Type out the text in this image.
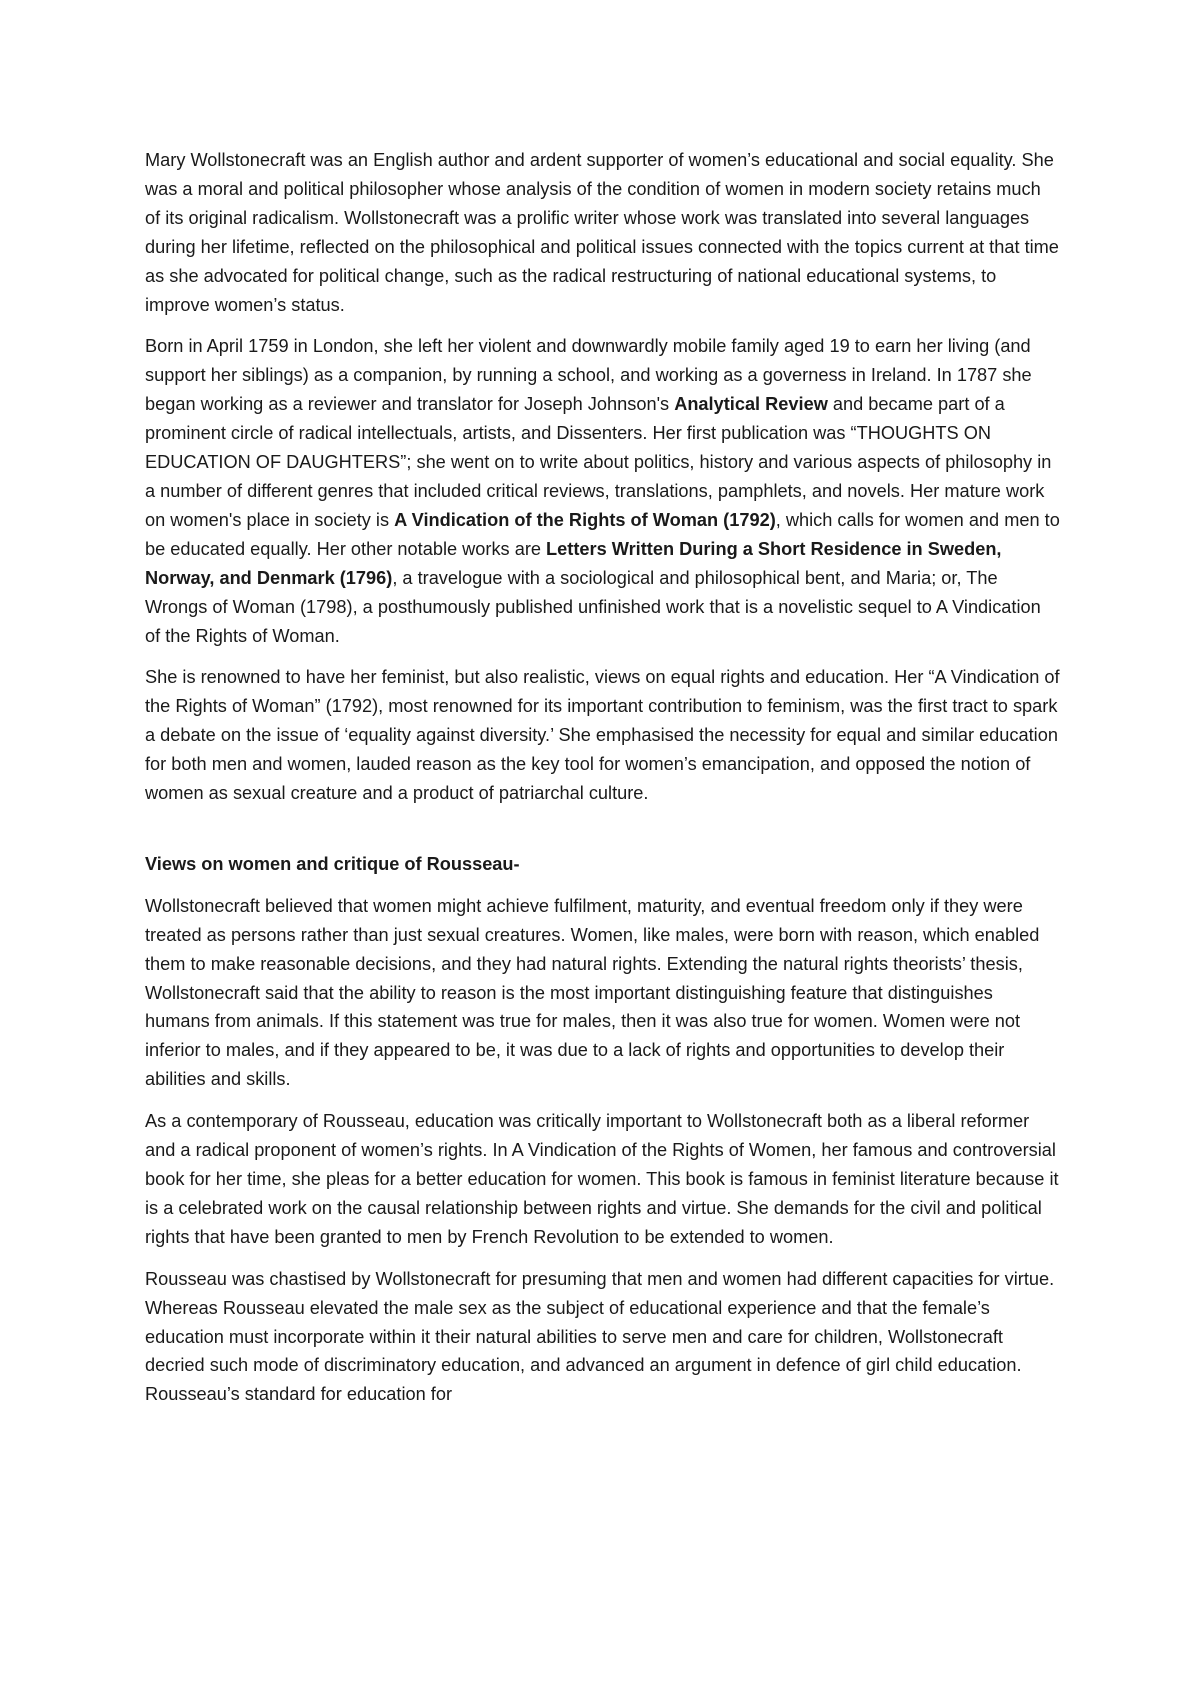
Mary Wollstonecraft was an English author and ardent supporter of women’s educational and social equality. She was a moral and political philosopher whose analysis of the condition of women in modern society retains much of its original radicalism. Wollstonecraft was a prolific writer whose work was translated into several languages during her lifetime, reflected on the philosophical and political issues connected with the topics current at that time as she advocated for political change, such as the radical restructuring of national educational systems, to improve women’s status.

Born in April 1759 in London, she left her violent and downwardly mobile family aged 19 to earn her living (and support her siblings) as a companion, by running a school, and working as a governess in Ireland. In 1787 she began working as a reviewer and translator for Joseph Johnson's Analytical Review and became part of a prominent circle of radical intellectuals, artists, and Dissenters. Her first publication was “THOUGHTS ON EDUCATION OF DAUGHTERS”; she went on to write about politics, history and various aspects of philosophy in a number of different genres that included critical reviews, translations, pamphlets, and novels. Her mature work on women's place in society is A Vindication of the Rights of Woman (1792), which calls for women and men to be educated equally. Her other notable works are Letters Written During a Short Residence in Sweden, Norway, and Denmark (1796), a travelogue with a sociological and philosophical bent, and Maria; or, The Wrongs of Woman (1798), a posthumously published unfinished work that is a novelistic sequel to A Vindication of the Rights of Woman.

She is renowned to have her feminist, but also realistic, views on equal rights and education. Her “A Vindication of the Rights of Woman” (1792), most renowned for its important contribution to feminism, was the first tract to spark a debate on the issue of ‘equality against diversity.’ She emphasised the necessity for equal and similar education for both men and women, lauded reason as the key tool for women’s emancipation, and opposed the notion of women as sexual creature and a product of patriarchal culture.

Views on women and critique of Rousseau-

Wollstonecraft believed that women might achieve fulfilment, maturity, and eventual freedom only if they were treated as persons rather than just sexual creatures. Women, like males, were born with reason, which enabled them to make reasonable decisions, and they had natural rights. Extending the natural rights theorists’ thesis, Wollstonecraft said that the ability to reason is the most important distinguishing feature that distinguishes humans from animals. If this statement was true for males, then it was also true for women. Women were not inferior to males, and if they appeared to be, it was due to a lack of rights and opportunities to develop their abilities and skills.

As a contemporary of Rousseau, education was critically important to Wollstonecraft both as a liberal reformer and a radical proponent of women’s rights. In A Vindication of the Rights of Women, her famous and controversial book for her time, she pleas for a better education for women. This book is famous in feminist literature because it is a celebrated work on the causal relationship between rights and virtue. She demands for the civil and political rights that have been granted to men by French Revolution to be extended to women.

Rousseau was chastised by Wollstonecraft for presuming that men and women had different capacities for virtue. Whereas Rousseau elevated the male sex as the subject of educational experience and that the female’s education must incorporate within it their natural abilities to serve men and care for children, Wollstonecraft decried such mode of discriminatory education, and advanced an argument in defence of girl child education. Rousseau’s standard for education for
